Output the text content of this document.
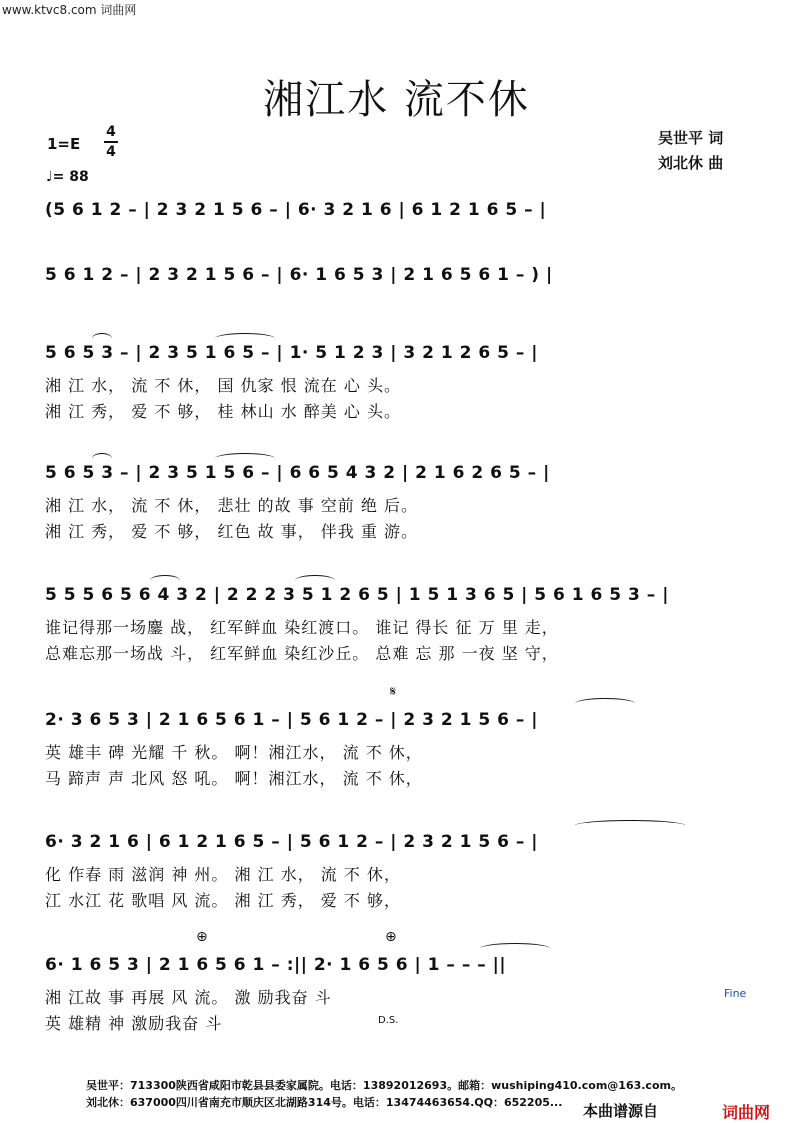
www.ktvc8.com 词曲网
湘江水 流不休
1=E
4
4
♩= 88
吴世平 词
刘北休 曲
(5 6 1 2 – | 2 3 2 1 5 6 – | 6· 3 2 1 6 | 6 1 2 1 6 5 – |
5 6 1 2 – | 2 3 2 1 5 6 – | 6· 1 6 5 3 | 2 1 6 5 6 1 – ) |
5 6 5 3 – | 2 3 5 1 6 5 – | 1· 5 1 2 3 | 3 2 1 2 6 5 – |
湘 江 水， 流 不 休， 国 仇家 恨 流在 心 头。
湘 江 秀， 爱 不 够， 桂 林山 水 醉美 心 头。
5 6 5 3 – | 2 3 5 1 5 6 – | 6 6 5 4 3 2 | 2 1 6 2 6 5 – |
湘 江 水， 流 不 休， 悲壮 的故 事 空前 绝 后。
湘 江 秀， 爱 不 够， 红色 故 事， 伴我 重 游。
5 5 5 6 5 6 4 3 2 | 2 2 2 3 5 1 2 6 5 | 1 5 1 3 6 5 | 5 6 1 6 5 3 – |
谁记得那一场鏖 战， 红军鲜血 染红渡口。 谁记 得长 征 万 里 走，
总难忘那一场战 斗， 红军鲜血 染红沙丘。 总难 忘 那 一夜 坚 守，
𝄋
2· 3 6 5 3 | 2 1 6 5 6 1 – | 5 6 1 2 – | 2 3 2 1 5 6 – |
英 雄丰 碑 光耀 千 秋。 啊！湘江水， 流 不 休，
马 蹄声 声 北风 怒 吼。 啊！湘江水， 流 不 休，
6· 3 2 1 6 | 6 1 2 1 6 5 – | 5 6 1 2 – | 2 3 2 1 5 6 – |
化 作春 雨 滋润 神 州。 湘 江 水， 流 不 休，
江 水江 花 歌唱 风 流。 湘 江 秀， 爱 不 够，
⊕	⊕
6· 1 6 5 3 | 2 1 6 5 6 1 – :|| 2· 1 6 5 6 | 1 – – – ||
湘 江故 事 再展 风 流。 激 励我奋 斗
英 雄精 神 激励我奋 斗
Fine
D.S.
吴世平：713300陕西省咸阳市乾县县委家属院。电话：13892012693。邮箱：wushiping410.com@163.com。
刘北休：637000四川省南充市顺庆区北湖路314号。电话：13474463654.QQ：652205... 本曲谱源自	词曲网
